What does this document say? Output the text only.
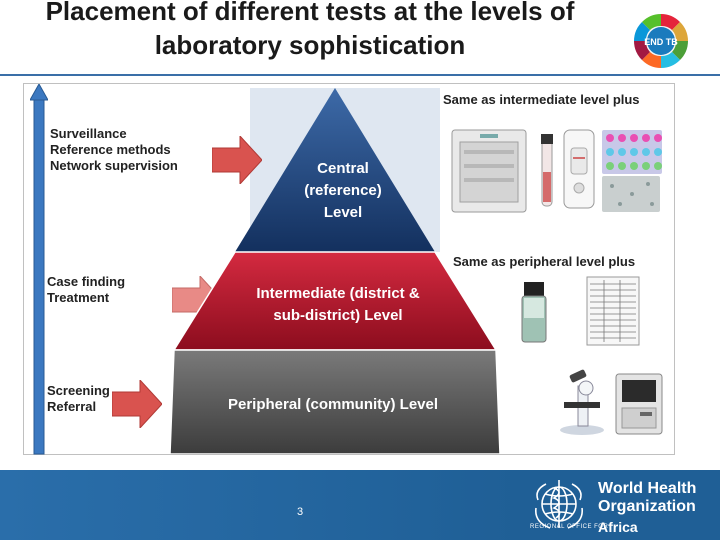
Placement of different tests at the levels of
laboratory sophistication	END TB
Surveillance
Reference methods
Network supervision
Case finding
Treatment
Screening
Referral
Central
(reference)
Level
Intermediate (district &
sub-district) Level
Peripheral (community) Level
Same as intermediate level plus
Same as peripheral level plus
3
World Health
Organization
REGIONAL OFFICE FOR
Africa
